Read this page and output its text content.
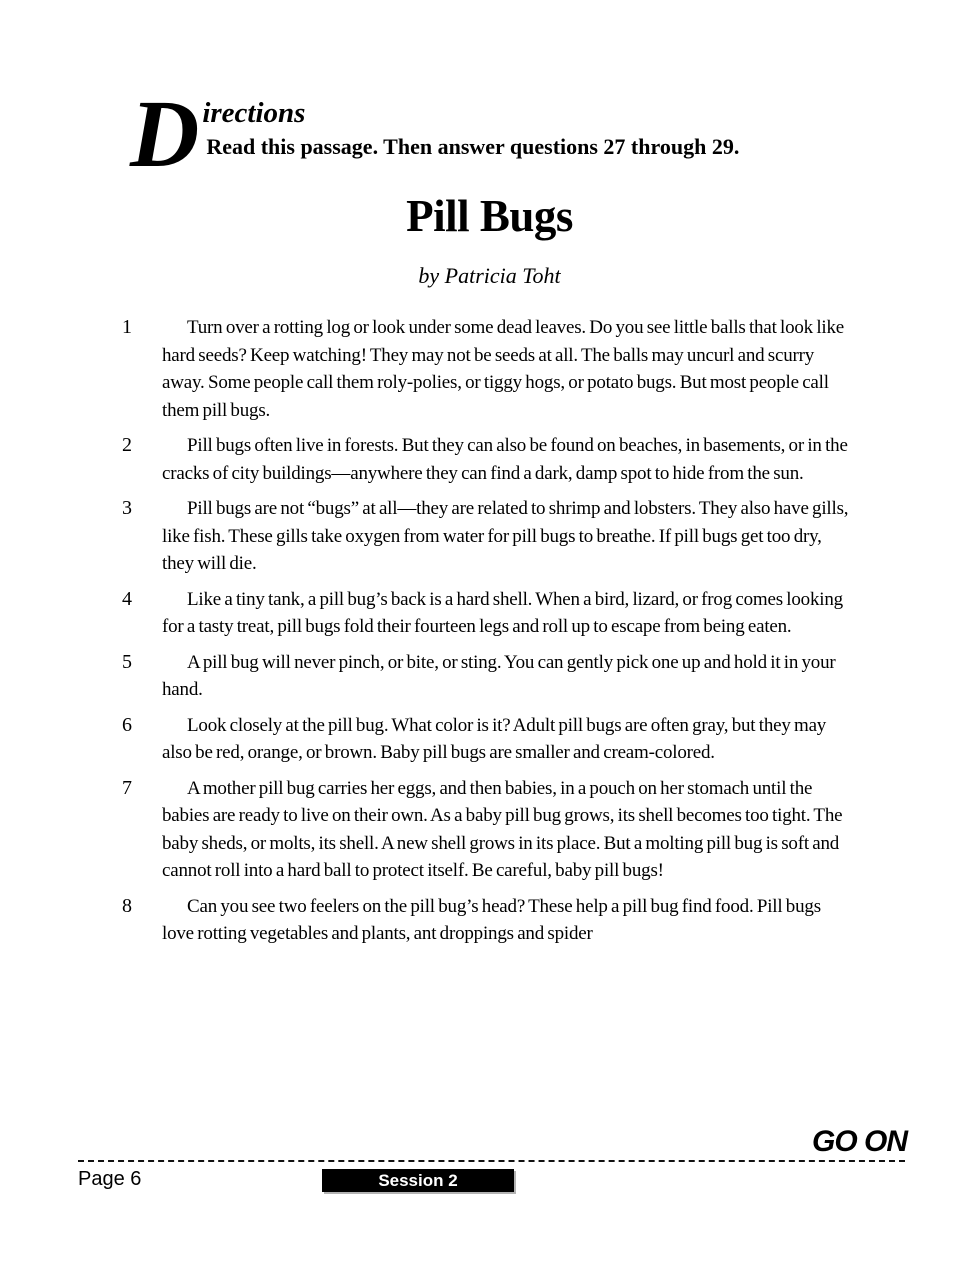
D irections
Read this passage. Then answer questions 27 through 29.
Pill Bugs
by Patricia Toht
1	Turn over a rotting log or look under some dead leaves. Do you see little balls that look like hard seeds? Keep watching! They may not be seeds at all. The balls may uncurl and scurry away. Some people call them roly-polies, or tiggy hogs, or potato bugs. But most people call them pill bugs.
2	Pill bugs often live in forests. But they can also be found on beaches, in basements, or in the cracks of city buildings—anywhere they can find a dark, damp spot to hide from the sun.
3	Pill bugs are not “bugs” at all—they are related to shrimp and lobsters. They also have gills, like fish. These gills take oxygen from water for pill bugs to breathe. If pill bugs get too dry, they will die.
4	Like a tiny tank, a pill bug’s back is a hard shell. When a bird, lizard, or frog comes looking for a tasty treat, pill bugs fold their fourteen legs and roll up to escape from being eaten.
5	A pill bug will never pinch, or bite, or sting. You can gently pick one up and hold it in your hand.
6	Look closely at the pill bug. What color is it? Adult pill bugs are often gray, but they may also be red, orange, or brown. Baby pill bugs are smaller and cream-colored.
7	A mother pill bug carries her eggs, and then babies, in a pouch on her stomach until the babies are ready to live on their own. As a baby pill bug grows, its shell becomes too tight. The baby sheds, or molts, its shell. A new shell grows in its place. But a molting pill bug is soft and cannot roll into a hard ball to protect itself. Be careful, baby pill bugs!
8	Can you see two feelers on the pill bug’s head? These help a pill bug find food. Pill bugs love rotting vegetables and plants, ant droppings and spider
GO ON
Page 6	Session 2
